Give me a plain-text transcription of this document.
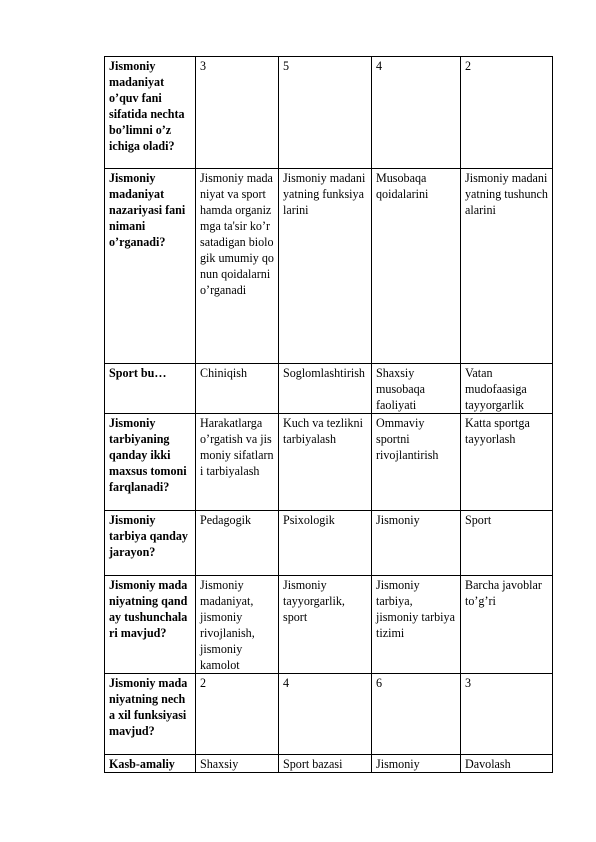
Jismoniy madaniyat o’quv fani sifatida nechta bo’limni o’z ichiga oladi?	3	5	4	2
Jismoniy madaniyat nazariyasi fani nimani o’rganadi?	Jismoniy madaniyat va sport hamda organizmga ta'sir ko’rsatadigan biologik umumiy qonun qoidalarni o’rganadi	Jismoniy madaniyatning funksiyalarini	Musobaqa qoidalarini	Jismoniy madaniyatning tushunchalarini
Sport bu…	Chiniqish	Soglomlashtirish	Shaxsiy musobaqa faoliyati	Vatan mudofaasiga tayyorgarlik
Jismoniy tarbiyaning qanday ikki maxsus tomoni farqlanadi?	Harakatlarga o’rgatish va jismoniy sifatlarni tarbiyalash	Kuch va tezlikni tarbiyalash	Ommaviy sportni rivojlantirish	Katta sportga tayyorlash
Jismoniy tarbiya qanday jarayon?	Pedagogik	Psixologik	Jismoniy	Sport
Jismoniy madaniyatning qanday tushunchalari mavjud?	Jismoniy madaniyat, jismoniy rivojlanish, jismoniy kamolot	Jismoniy tayyorgarlik, sport	Jismoniy tarbiya, jismoniy tarbiya tizimi	Barcha javoblar to’g’ri
Jismoniy madaniyatning necha xil funksiyasi mavjud?	2	4	6	3
Kasb-amaliy	Shaxsiy	Sport bazasi	Jismoniy	Davolash
